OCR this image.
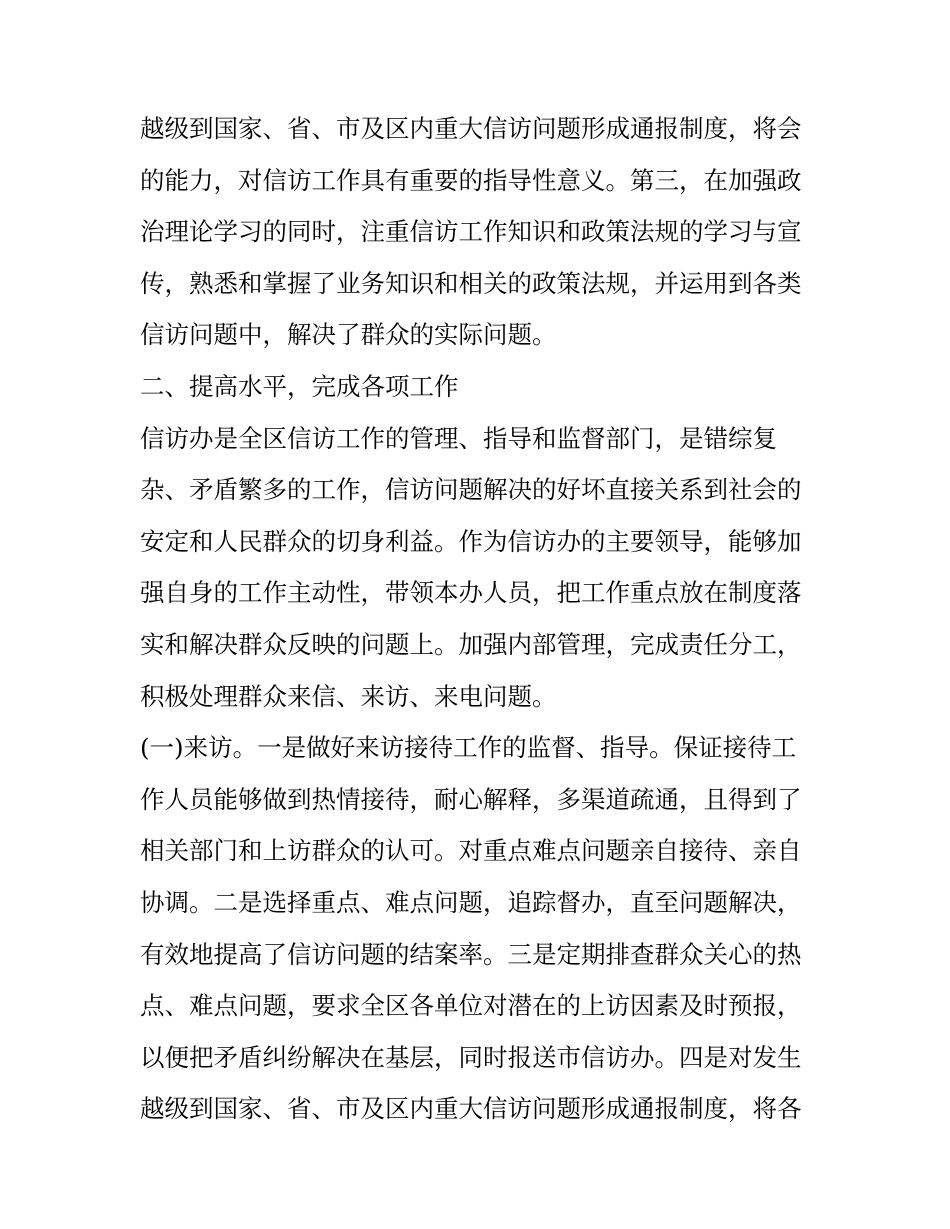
越级到国家、省、市及区内重大信访问题形成通报制度，将会
的能力，对信访工作具有重要的指导性意义。第三，在加强政
治理论学习的同时，注重信访工作知识和政策法规的学习与宣
传，熟悉和掌握了业务知识和相关的政策法规，并运用到各类
信访问题中，解决了群众的实际问题。
二、提高水平，完成各项工作
信访办是全区信访工作的管理、指导和监督部门，是错综复
杂、矛盾繁多的工作，信访问题解决的好坏直接关系到社会的
安定和人民群众的切身利益。作为信访办的主要领导，能够加
强自身的工作主动性，带领本办人员，把工作重点放在制度落
实和解决群众反映的问题上。加强内部管理，完成责任分工，
积极处理群众来信、来访、来电问题。
(一)来访。一是做好来访接待工作的监督、指导。保证接待工
作人员能够做到热情接待，耐心解释，多渠道疏通，且得到了
相关部门和上访群众的认可。对重点难点问题亲自接待、亲自
协调。二是选择重点、难点问题，追踪督办，直至问题解决，
有效地提高了信访问题的结案率。三是定期排查群众关心的热
点、难点问题，要求全区各单位对潜在的上访因素及时预报，
以便把矛盾纠纷解决在基层，同时报送市信访办。四是对发生
越级到国家、省、市及区内重大信访问题形成通报制度，将各
